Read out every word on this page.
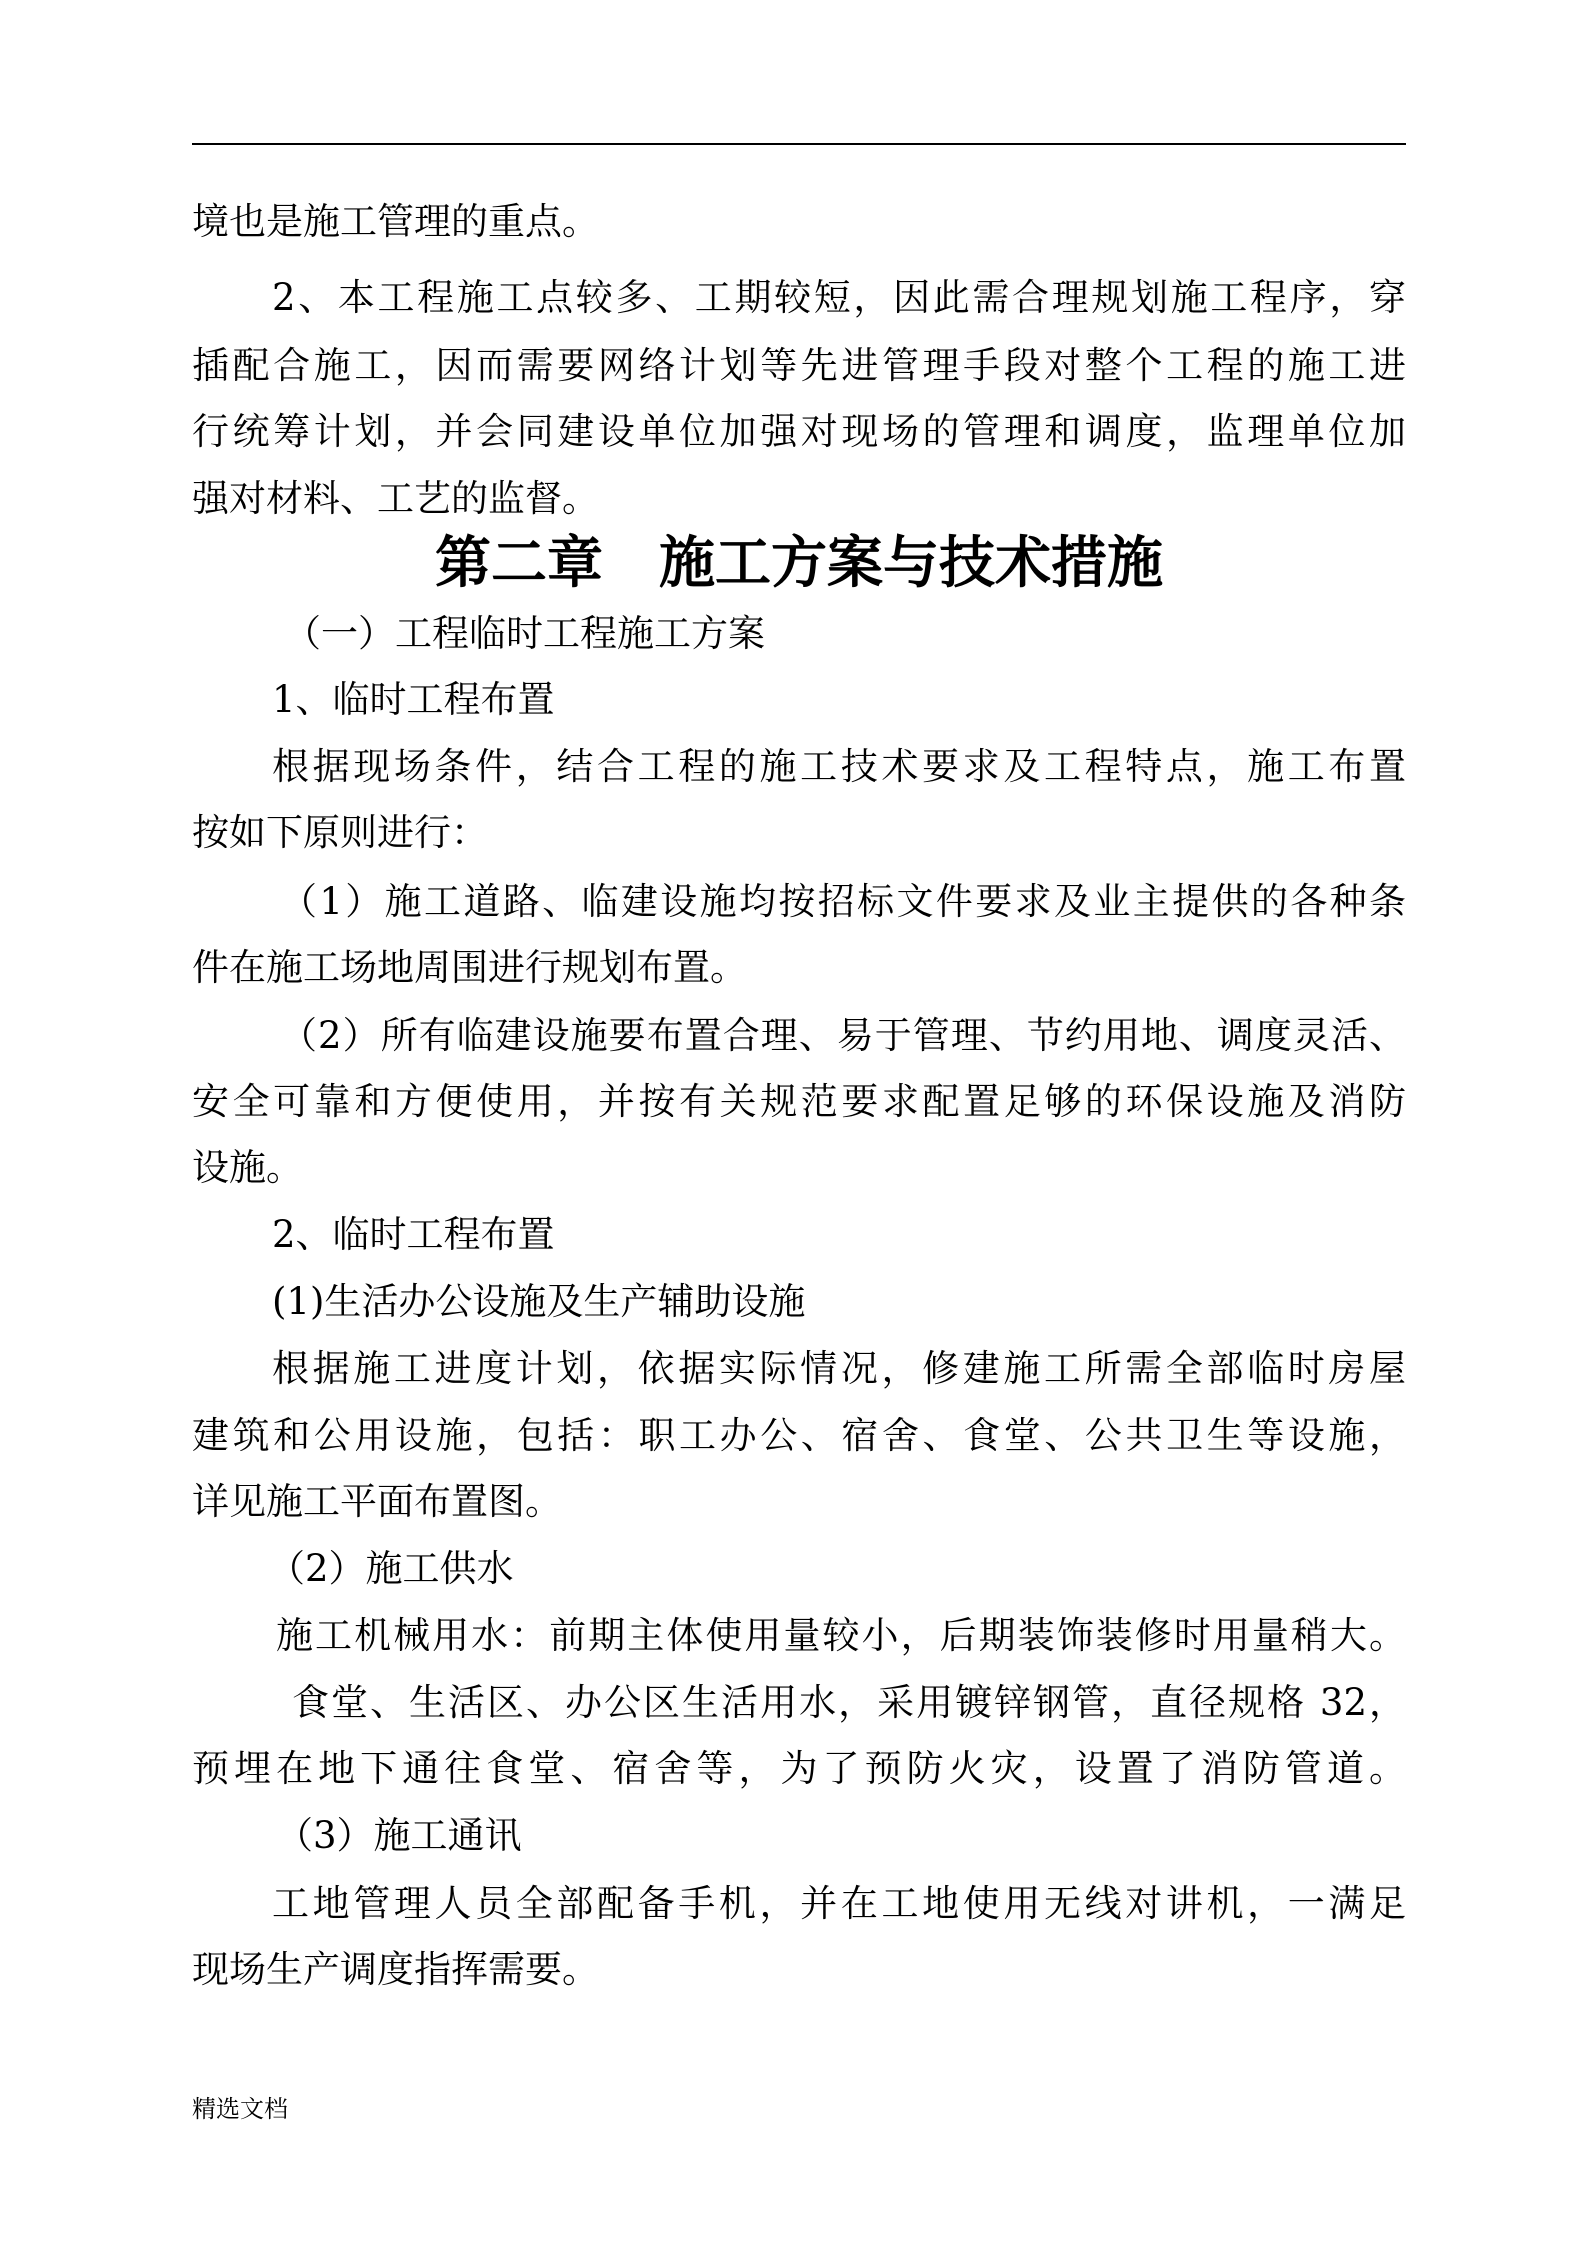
境也是施工管理的重点。

2、本工程施工点较多、工期较短，因此需合理规划施工程序，穿

插配合施工，因而需要网络计划等先进管理手段对整个工程的施工进

行统筹计划，并会同建设单位加强对现场的管理和调度，监理单位加

强对材料、工艺的监督。

第二章　施工方案与技术措施

（一）工程临时工程施工方案

1、临时工程布置

根据现场条件，结合工程的施工技术要求及工程特点，施工布置

按如下原则进行：

（1）施工道路、临建设施均按招标文件要求及业主提供的各种条

件在施工场地周围进行规划布置。

（2）所有临建设施要布置合理、易于管理、节约用地、调度灵活、

安全可靠和方便使用，并按有关规范要求配置足够的环保设施及消防

设施。

2、临时工程布置

(1)生活办公设施及生产辅助设施

根据施工进度计划，依据实际情况，修建施工所需全部临时房屋

建筑和公用设施，包括：职工办公、宿舍、食堂、公共卫生等设施，

详见施工平面布置图。

（2）施工供水

施工机械用水：前期主体使用量较小，后期装饰装修时用量稍大。

食堂、生活区、办公区生活用水，采用镀锌钢管，直径规格 32，

预埋在地下通往食堂、宿舍等，为了预防火灾，设置了消防管道。

（3）施工通讯

工地管理人员全部配备手机，并在工地使用无线对讲机，一满足

现场生产调度指挥需要。

精选文档
